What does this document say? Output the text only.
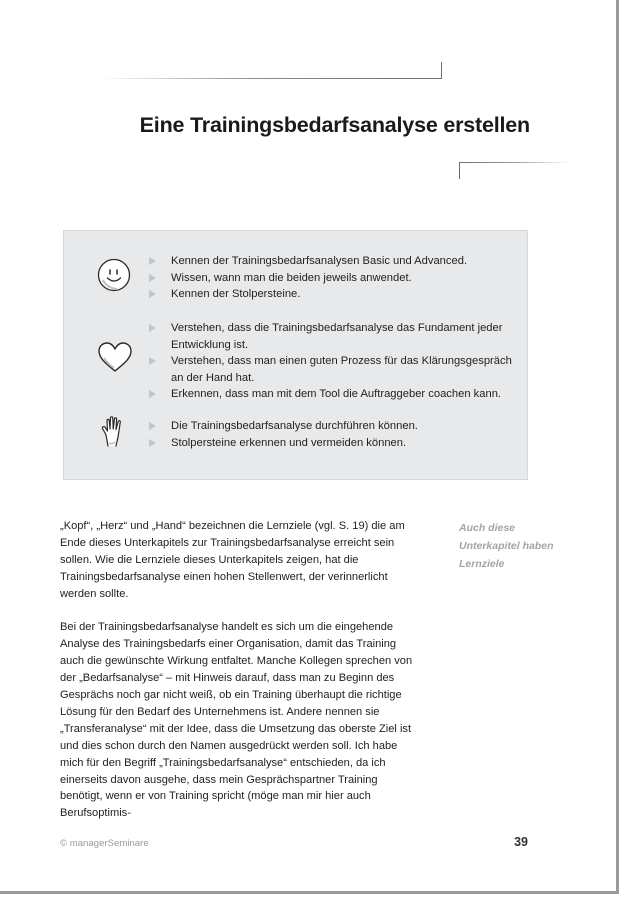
Eine Trainingsbedarfsanalyse erstellen
Kennen der Trainingsbedarfsanalysen Basic und Advanced.
Wissen, wann man die beiden jeweils anwendet.
Kennen der Stolpersteine.
Verstehen, dass die Trainingsbedarfsanalyse das Fundament jeder Entwicklung ist.
Verstehen, dass man einen guten Prozess für das Klärungsgespräch an der Hand hat.
Erkennen, dass man mit dem Tool die Auftraggeber coachen kann.
Die Trainingsbedarfsanalyse durchführen können.
Stolpersteine erkennen und vermeiden können.

„Kopf“, „Herz“ und „Hand“ bezeichnen die Lernziele (vgl. S. 19) die am Ende dieses Unterkapitels zur Trainingsbedarfsanalyse erreicht sein sollen. Wie die Lernziele dieses Unterkapitels zeigen, hat die Trainingsbedarfsanalyse einen hohen Stellenwert, der verinnerlicht werden sollte.

Bei der Trainingsbedarfsanalyse handelt es sich um die eingehende Analyse des Trainingsbedarfs einer Organisation, damit das Training auch die gewünschte Wirkung entfaltet. Manche Kollegen sprechen von der „Bedarfsanalyse“ – mit Hinweis darauf, dass man zu Beginn des Gesprächs noch gar nicht weiß, ob ein Training überhaupt die richtige Lösung für den Bedarf des Unternehmens ist. Andere nennen sie „Transferanalyse“ mit der Idee, dass die Umsetzung das oberste Ziel ist und dies schon durch den Namen ausgedrückt werden soll. Ich habe mich für den Begriff „Trainingsbedarfsanalyse“ entschieden, da ich einerseits davon ausgehe, dass mein Gesprächspartner Training benötigt, wenn er von Training spricht (möge man mir hier auch Berufsoptimis-

Auch diese Unterkapitel haben Lernziele
© managerSeminare	39
